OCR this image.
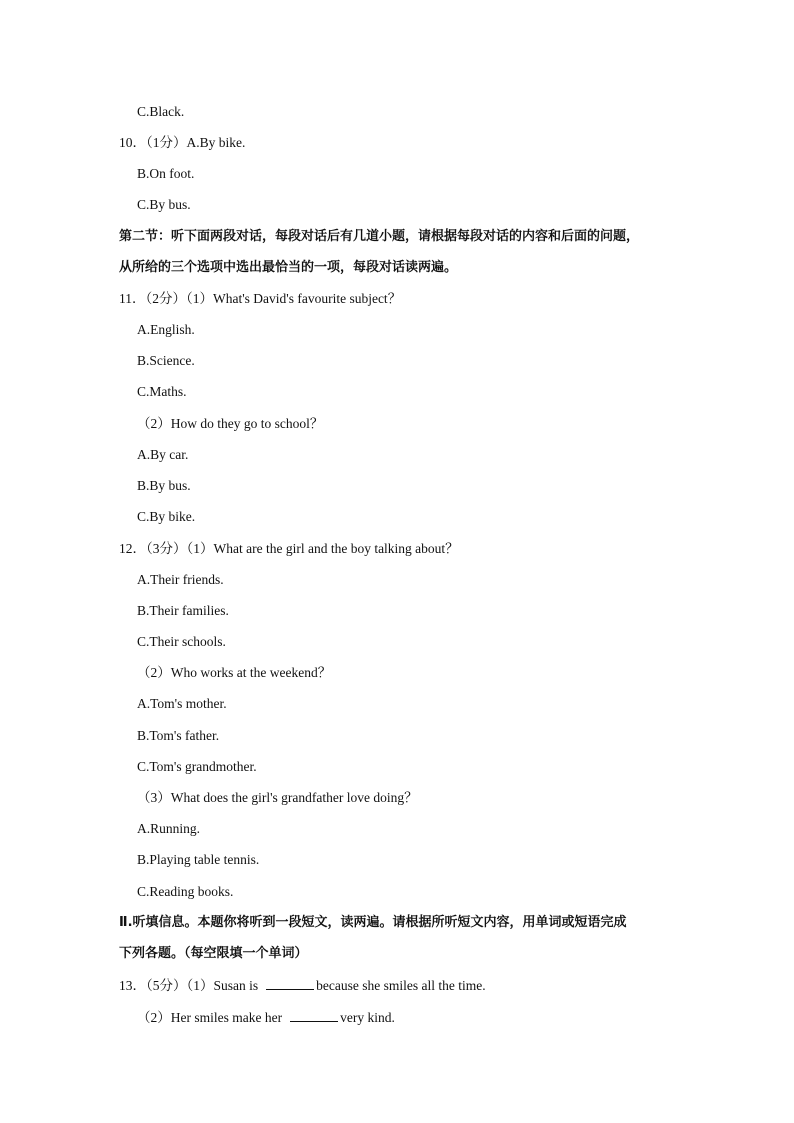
C.Black.
10．（1分）A.By bike.
B.On foot.
C.By bus.
第二节：听下面两段对话，每段对话后有几道小题，请根据每段对话的内容和后面的问题，
从所给的三个选项中选出最恰当的一项，每段对话读两遍。
11．（2分）（1）What's David's favourite subject？
A.English.
B.Science.
C.Maths.
（2）How do they go to school？
A.By car.
B.By bus.
C.By bike.
12．（3分）（1）What are the girl and the boy talking about？
A.Their friends.
B.Their families.
C.Their schools.
（2）Who works at the weekend？
A.Tom's mother.
B.Tom's father.
C.Tom's grandmother.
（3）What does the girl's grandfather love doing？
A.Running.
B.Playing table tennis.
C.Reading books.
Ⅱ.听填信息。本题你将听到一段短文，读两遍。请根据所听短文内容，用单词或短语完成
下列各题。（每空限填一个单词）
13．（5分）（1）Susan is	because she smiles all the time.
（2）Her smiles make her	very kind.
